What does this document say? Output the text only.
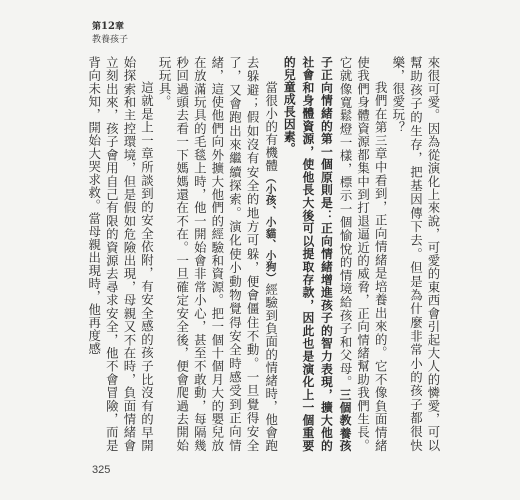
第12章
教養孩子

來很可愛。因為從演化上來說，可愛的東西會引起大人的憐愛，可以幫助孩子的生存，把基因傳下去。但是為什麼非常小的孩子都很快樂，很愛玩？

我們在第三章中看到，正向情緒是培養出來的。它不像負面情緒使我們身體資源都集中到打退逼近的威脅，正向情緒幫助我們生長。它就像寬鬆燈一樣，標示一個愉悅的情境給孩子和父母。三個教養孩子正向情緒的第一個原則是：正向情緒增進孩子的智力表現，擴大他的社會和身體資源，使他長大後可以提取存款，因此也是演化上一個重要的兒童成長因素。

當很小的有機體（小孩、小貓、小狗）經驗到負面的情緒時，他會跑去躲避；假如沒有安全的地方可躲，便會僵住不動。一旦覺得安全了，又會跑出來繼續探索。演化使小動物覺得安全時感受到正向情緒，這使他們向外擴大他們的經驗和資源。把一個十個月大的嬰兒放在放滿玩具的毛毯上時，他一開始會非常小心，甚至不敢動，每隔幾秒回過頭去看一下媽媽還在不在。一旦確定安全後，便會爬過去開始玩玩具。

這就是上一章所談到的安全依附，有安全感的孩子比沒有的早開始探索和主控環境，但是假如危險出現，母親又不在時，負面情緒會立刻出來，孩子會用自己有限的資源去尋求安全，他不會冒險，而是背向未知，開始大哭求救。當母親出現時，他再度感

325
